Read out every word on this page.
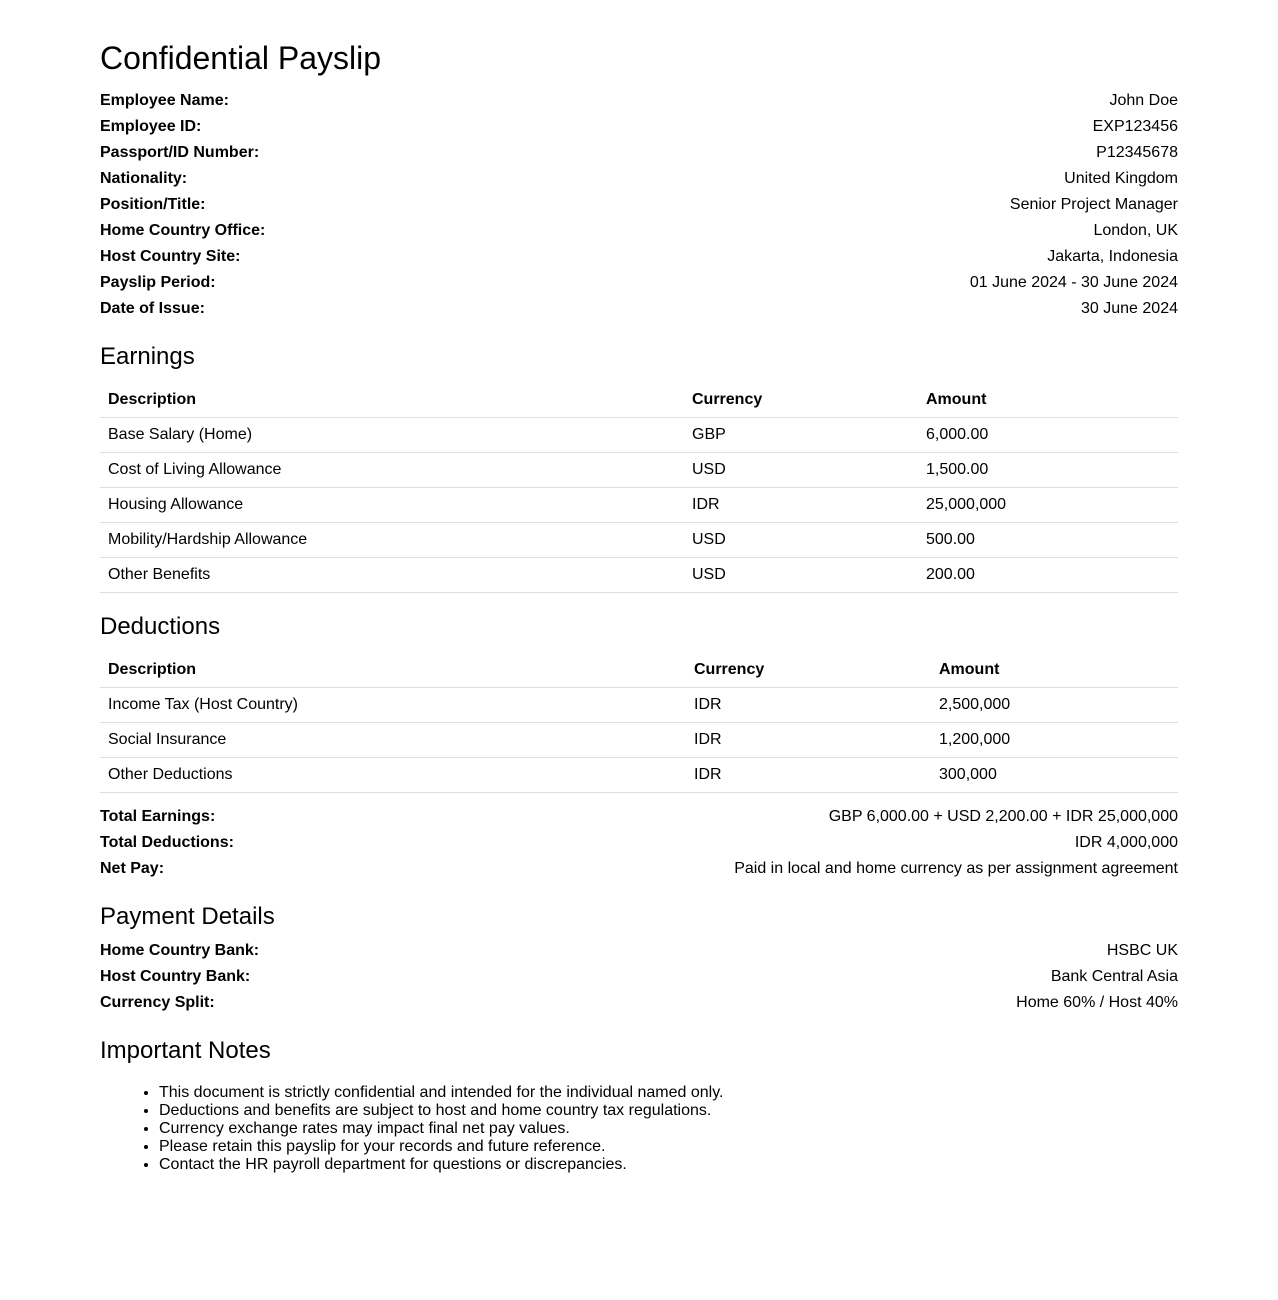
Confidential Payslip
Employee Name:	John Doe
Employee ID:	EXP123456
Passport/ID Number:	P12345678
Nationality:	United Kingdom
Position/Title:	Senior Project Manager
Home Country Office:	London, UK
Host Country Site:	Jakarta, Indonesia
Payslip Period:	01 June 2024 - 30 June 2024
Date of Issue:	30 June 2024
Earnings
Description	Currency	Amount
Base Salary (Home)	GBP	6,000.00
Cost of Living Allowance	USD	1,500.00
Housing Allowance	IDR	25,000,000
Mobility/Hardship Allowance	USD	500.00
Other Benefits	USD	200.00
Deductions
Description	Currency	Amount
Income Tax (Host Country)	IDR	2,500,000
Social Insurance	IDR	1,200,000
Other Deductions	IDR	300,000
Total Earnings:	GBP 6,000.00 + USD 2,200.00 + IDR 25,000,000
Total Deductions:	IDR 4,000,000
Net Pay:	Paid in local and home currency as per assignment agreement
Payment Details
Home Country Bank:	HSBC UK
Host Country Bank:	Bank Central Asia
Currency Split:	Home 60% / Host 40%
Important Notes
• This document is strictly confidential and intended for the individual named only.
• Deductions and benefits are subject to host and home country tax regulations.
• Currency exchange rates may impact final net pay values.
• Please retain this payslip for your records and future reference.
• Contact the HR payroll department for questions or discrepancies.
